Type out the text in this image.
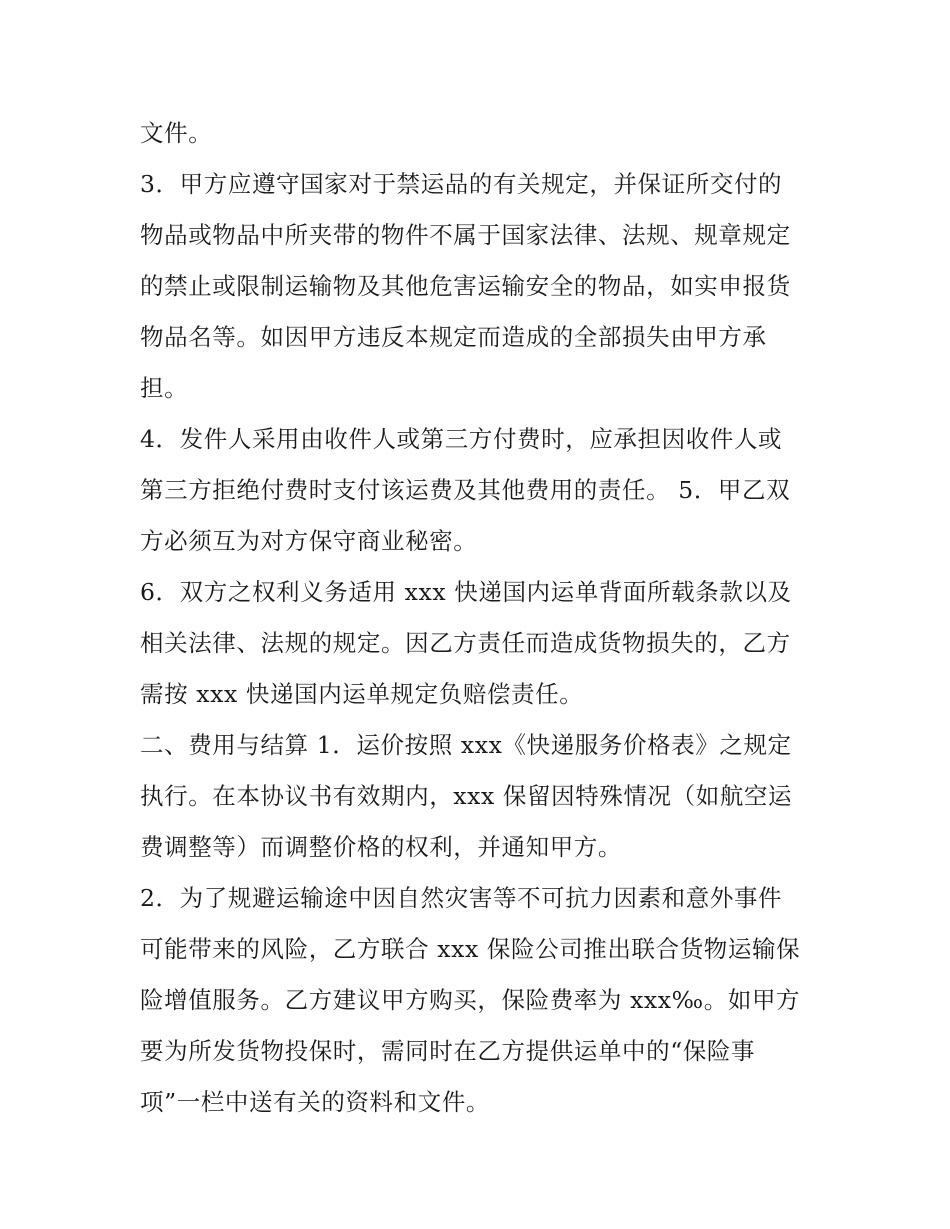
文件。
3．甲方应遵守国家对于禁运品的有关规定，并保证所交付的
物品或物品中所夹带的物件不属于国家法律、法规、规章规定
的禁止或限制运输物及其他危害运输安全的物品，如实申报货
物品名等。如因甲方违反本规定而造成的全部损失由甲方承
担。
4．发件人采用由收件人或第三方付费时，应承担因收件人或
第三方拒绝付费时支付该运费及其他费用的责任。 5．甲乙双
方必须互为对方保守商业秘密。
6．双方之权利义务适用 xxx 快递国内运单背面所载条款以及
相关法律、法规的规定。因乙方责任而造成货物损失的，乙方
需按 xxx 快递国内运单规定负赔偿责任。
二、费用与结算 1．运价按照 xxx《快递服务价格表》之规定
执行。在本协议书有效期内，xxx 保留因特殊情况（如航空运
费调整等）而调整价格的权利，并通知甲方。
2．为了规避运输途中因自然灾害等不可抗力因素和意外事件
可能带来的风险，乙方联合 xxx 保险公司推出联合货物运输保
险增值服务。乙方建议甲方购买，保险费率为 xxx‰。如甲方
要为所发货物投保时，需同时在乙方提供运单中的“保险事
项”一栏中送有关的资料和文件。
